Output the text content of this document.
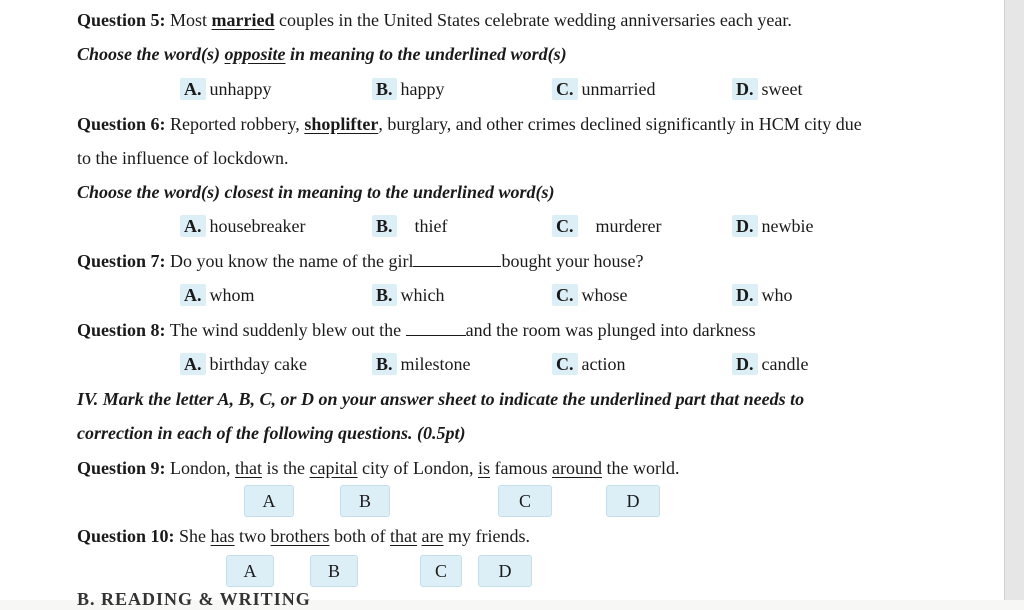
Question 5: Most married couples in the United States celebrate wedding anniversaries each year.
Choose the word(s) opposite in meaning to the underlined word(s)
A. unhappy	B. happy	C. unmarried	D. sweet
Question 6: Reported robbery, shoplifter, burglary, and other crimes declined significantly in HCM city due
to the influence of lockdown.
Choose the word(s) closest in meaning to the underlined word(s)
A. housebreaker	B. thief	C. murderer	D. newbie
Question 7: Do you know the name of the girl	bought your house?
A. whom	B. which	C. whose	D. who
Question 8: The wind suddenly blew out the	and the room was plunged into darkness
A. birthday cake	B. milestone	C. action	D. candle
IV. Mark the letter A, B, C, or D on your answer sheet to indicate the underlined part that needs to
correction in each of the following questions. (0.5pt)
Question 9: London, that is the capital city of London, is famous around the world.
A	B	C	D
Question 10: She has two brothers both of that are my friends.
A	B	C	D
B. READING & WRITING
